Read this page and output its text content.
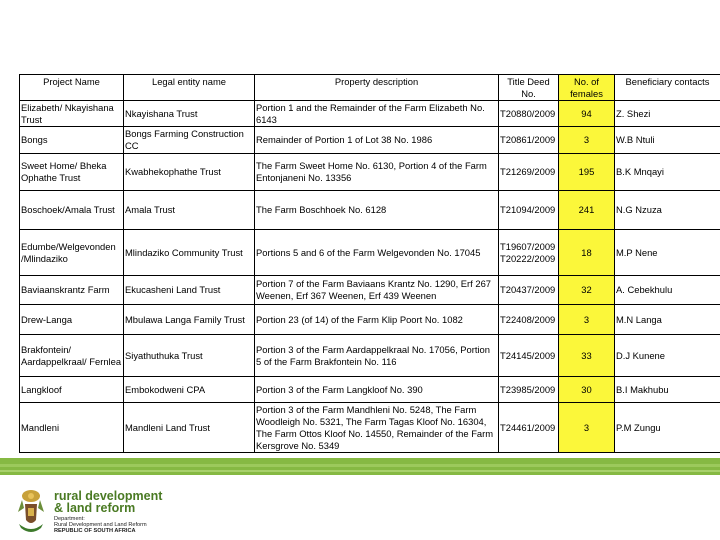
Project Name	Legal entity name	Property description	Title Deed No.	No. of females	Beneficiary contacts
Elizabeth/ Nkayishana Trust	Nkayishana Trust	Portion 1 and the Remainder of the Farm Elizabeth No. 6143	T20880/2009	94	Z. Shezi
Bongs	Bongs Farming Construction CC	Remainder of Portion 1 of Lot 38 No. 1986	T20861/2009	3	W.B Ntuli
Sweet Home/ Bheka Ophathe Trust	Kwabhekophathe Trust	The Farm Sweet Home No. 6130, Portion 4 of the Farm Entonjaneni No. 13356	T21269/2009	195	B.K Mnqayi
Boschoek/Amala Trust	Amala Trust	The Farm Boschhoek No. 6128	T21094/2009	241	N.G Nzuza
Edumbe/Welgevonden /Mlindaziko	Mlindaziko Community Trust	Portions 5 and 6 of the Farm Welgevonden No. 17045	T19607/2009 T20222/2009	18	M.P Nene
Baviaanskrantz Farm	Ekucasheni Land Trust	Portion 7 of the Farm Baviaans Krantz No. 1290, Erf 267 Weenen, Erf 367 Weenen, Erf 439 Weenen	T20437/2009	32	A. Cebekhulu
Drew-Langa	Mbulawa Langa Family Trust	Portion 23 (of 14) of the Farm Klip Poort No. 1082	T22408/2009	3	M.N Langa
Brakfontein/ Aardappelkraal/ Fernlea	Siyathuthuka Trust	Portion 3 of the Farm Aardappelkraal No. 17056, Portion 5 of the Farm Brakfontein No. 116	T24145/2009	33	D.J Kunene
Langkloof	Embokodweni CPA	Portion 3 of the Farm Langkloof No. 390	T23985/2009	30	B.I Makhubu
Mandleni	Mandleni Land Trust	Portion 3 of the Farm Mandhleni No. 5248, The Farm Woodleigh No. 5321, The Farm Tagas Kloof No. 16304, The Farm Ottos Kloof No. 14550, Remainder of the Farm Kersgrove No. 5349	T24461/2009	3	P.M Zungu
rural development
& land reform
Department:
Rural Development and Land Reform
REPUBLIC OF SOUTH AFRICA
